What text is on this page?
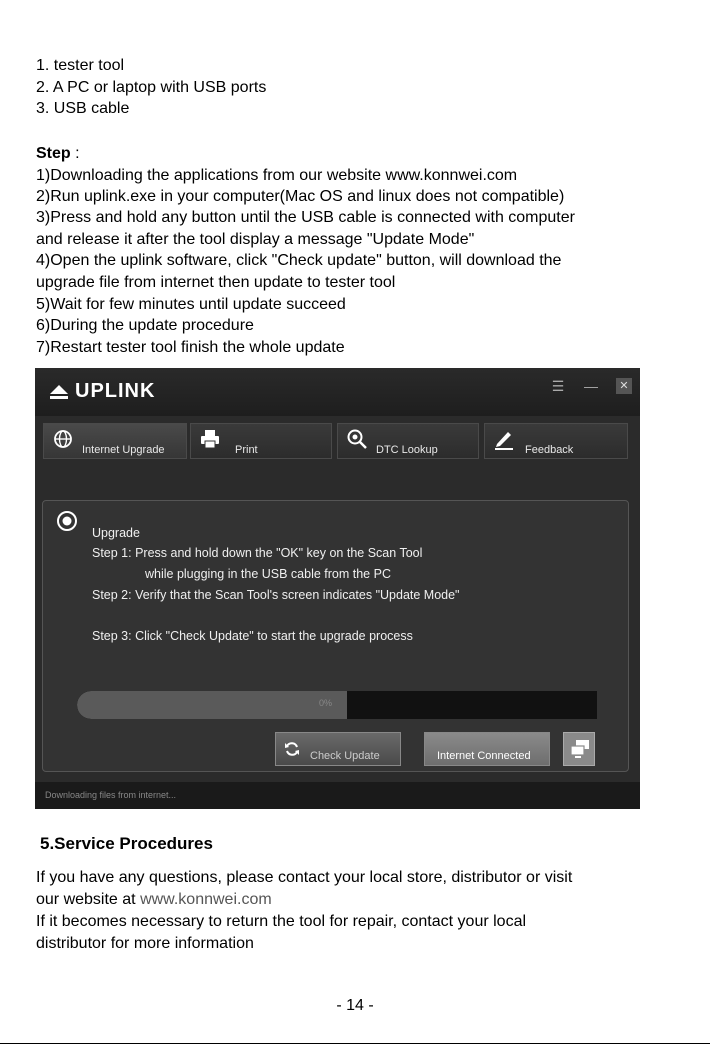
1. tester tool

2. A PC or laptop with USB ports

3. USB cable

Step :

1)Downloading the applications from our website www.konnwei.com

2)Run uplink.exe in your computer(Mac OS and linux does not compatible)

3)Press and hold any button until the USB cable is connected with computer

and release it after the tool display a message "Update Mode"

4)Open the uplink software, click "Check update" button, will download the

upgrade file from internet then update to tester tool

5)Wait for few minutes until update succeed

6)During the update procedure

7)Restart tester tool finish the whole update

UPLINK	☰ —	✕
Internet Upgrade	Print	DTC Lookup	Feedback
Upgrade
Step 1: Press and hold down the "OK" key on the Scan Tool
while plugging in the USB cable from the PC
Step 2: Verify that the Scan Tool's screen indicates "Update Mode"
Step 3: Click "Check Update" to start the upgrade process
0%
Check Update	Internet Connected
Downloading files from internet...

5.Service Procedures

If you have any questions, please contact your local store, distributor or visit

our website at www.konnwei.com

If it becomes necessary to return the tool for repair, contact your local

distributor for more information

- 14 -
